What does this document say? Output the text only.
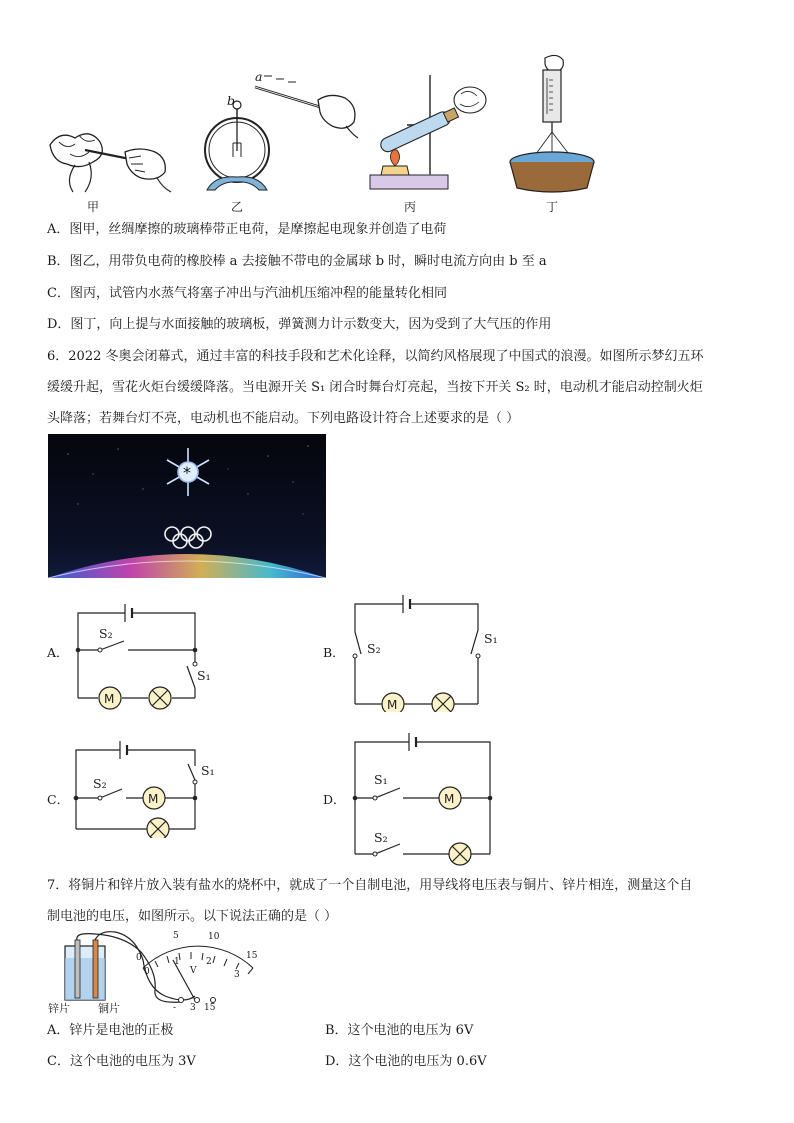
甲
b
乙
a
丙	丁
A．图甲，丝绸摩擦的玻璃棒带正电荷，是摩擦起电现象并创造了电荷
B．图乙，用带负电荷的橡胶棒 a 去接触不带电的金属球 b 时，瞬时电流方向由 b 至 a
C．图丙，试管内水蒸气将塞子冲出与汽油机压缩冲程的能量转化相同
D．图丁，向上提与水面接触的玻璃板，弹簧测力计示数变大，因为受到了大气压的作用
6．2022 冬奥会闭幕式，通过丰富的科技手段和艺术化诠释，以简约风格展现了中国式的浪漫。如图所示梦幻五环
缓缓升起，雪花火炬台缓缓降落。当电源开关 S₁ 闭合时舞台灯亮起，当按下开关 S₂ 时，电动机才能启动控制火炬
头降落；若舞台灯不亮，电动机也不能启动。下列电路设计符合上述要求的是（ ）
*
A．
M
S₂
S₁
B．
M
S₂
S₁
C．	M
S₂
S₁
D．	M
S₁
S₂
7．将铜片和锌片放入装有盐水的烧杯中，就成了一个自制电池，用导线将电压表与铜片、锌片相连，测量这个自
制电池的电压，如图所示。以下说法正确的是（ ）
0
5	10
15
0
1	2
3
V
- 3 15
锌片	铜片
A．锌片是电池的正极	B．这个电池的电压为 6V
C．这个电池的电压为 3V	D．这个电池的电压为 0.6V
